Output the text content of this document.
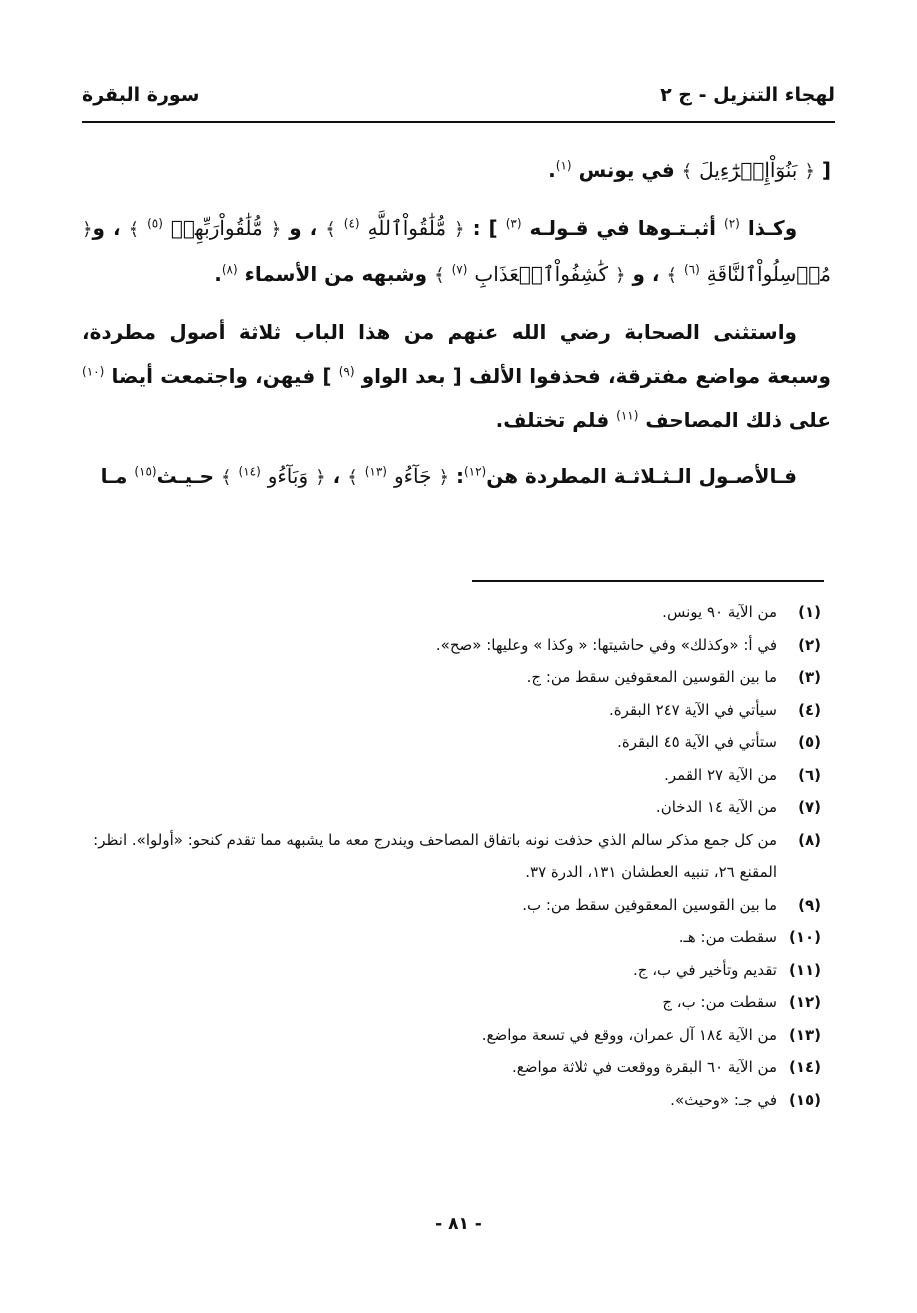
لهجاء التنزيل - ج ٢
سورة البقرة

[ ﴿ بَنُوٓاْإِسۡرَٰٓءِيلَ ﴾ في يونس $^{(١)}$.

وكـذا $^{(٢)}$ أثبـتـوها في قـولـه $^{(٣)}$ ] : ﴿ مُّلَٰقُواْٱللَّهِ $^{(٤)}$ ﴾ ، و ﴿ مُّلَٰقُواْرَبِّهِمۡ $^{(٥)}$ ﴾ ، و﴿ مُرۡسِلُواْٱلنَّاقَةِ $^{(٦)}$ ﴾ ، و ﴿ كَٰشِفُواْٱلۡعَذَابِ $^{(٧)}$ ﴾ وشبهه من الأسماء $^{(٨)}$.

واستثنى الصحابة رضي الله عنهم من هذا الباب ثلاثة أصول مطردة، وسبعة مواضع مفترقة، فحذفوا الألف [ بعد الواو $^{(٩)}$ ] فيهن، واجتمعت أيضا $^{(١٠)}$ على ذلك المصاحف $^{(١١)}$ فلم تختلف.

فـالأصـول الـثـلاثـة المطردة هن$^{(١٢)}$: ﴿ جَآءُو $^{(١٣)}$ ﴾ ، ﴿ وَبَآءُو $^{(١٤)}$ ﴾ حـيـث$^{(١٥)}$ مـا

(١)
من الآية ٩٠ يونس.
(٢)
في أ: «وكذلك» وفي حاشيتها: « وكذا » وعليها: «صح».
(٣)
ما بين القوسين المعقوفين سقط من: ج.
(٤)
سيأتي في الآية ٢٤٧ البقرة.
(٥)
ستأتي في الآية ٤٥ البقرة.
(٦)
من الآية ٢٧ القمر.
(٧)
من الآية ١٤ الدخان.
(٨)
من كل جمع مذكر سالم الذي حذفت نونه باتفاق المصاحف ويندرج معه ما يشبهه مما تقدم كنحو: «أولوا». انظر: المقنع ٢٦، تنبيه العطشان ١٣١، الدرة ٣٧.
(٩)
ما بين القوسين المعقوفين سقط من: ب.
(١٠)
سقطت من: هـ.
(١١)
تقديم وتأخير في ب، ج.
(١٢)
سقطت من: ب، ج
(١٣)
من الآية ١٨٤ آل عمران، ووقع في تسعة مواضع.
(١٤)
من الآية ٦٠ البقرة ووقعت في ثلاثة مواضع.
(١٥)
في جـ: «وحيث».
- ٨١ -
